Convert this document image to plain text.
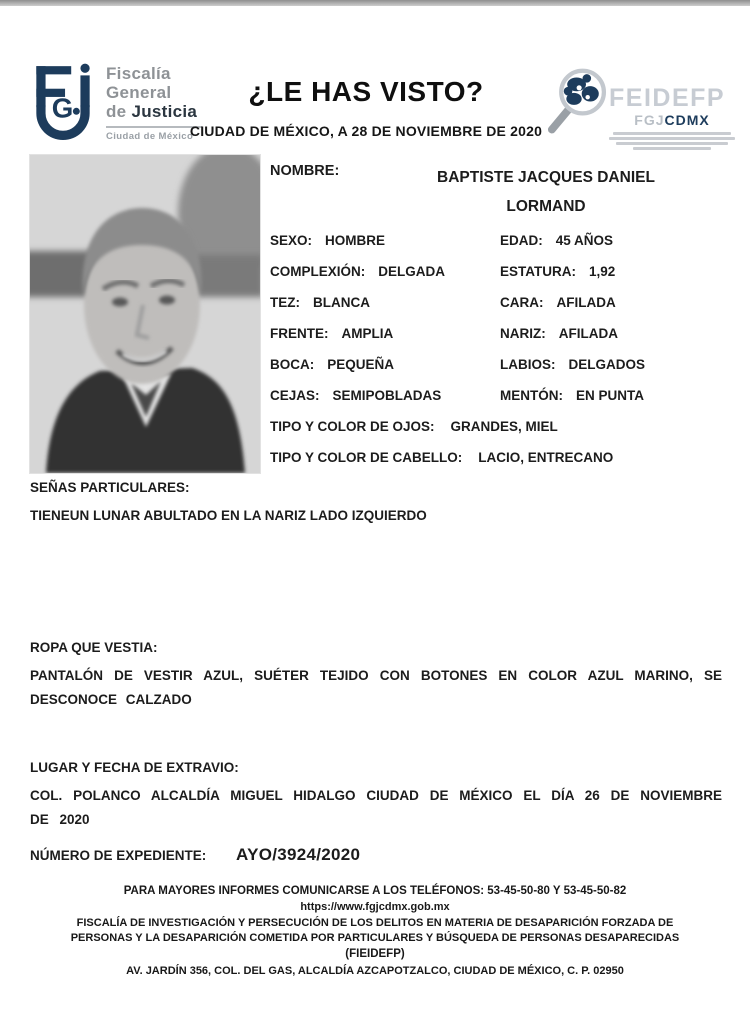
G
Fiscalía
General
de Justicia
Ciudad de México
¿LE HAS VISTO?
CIUDAD DE MÉXICO, A 28 DE NOVIEMBRE DE 2020
FEIDEFP
FGJCDMX
NOMBRE:	BAPTISTE JACQUES DANIEL
LORMAND
SEXO: HOMBRE	EDAD: 45 AÑOS
COMPLEXIÓN: DELGADA	ESTATURA: 1,92
TEZ: BLANCA	CARA: AFILADA
FRENTE: AMPLIA	NARIZ: AFILADA
BOCA: PEQUEÑA	LABIOS: DELGADOS
CEJAS: SEMIPOBLADAS	MENTÓN: EN PUNTA
TIPO Y COLOR DE OJOS: GRANDES, MIEL
TIPO Y COLOR DE CABELLO: LACIO, ENTRECANO
SEÑAS PARTICULARES:
TIENEUN LUNAR ABULTADO EN LA NARIZ LADO IZQUIERDO
ROPA QUE VESTIA:
PANTALÓN DE VESTIR AZUL, SUÉTER TEJIDO CON BOTONES EN COLOR AZUL MARINO, SE DESCONOCE CALZADO
LUGAR Y FECHA DE EXTRAVIO:
COL. POLANCO ALCALDÍA MIGUEL HIDALGO CIUDAD DE MÉXICO EL DÍA 26 DE NOVIEMBRE DE 2020
NÚMERO DE EXPEDIENTE: AYO/3924/2020
PARA MAYORES INFORMES COMUNICARSE A LOS TELÉFONOS: 53-45-50-80 Y 53-45-50-82
https://www.fgjcdmx.gob.mx
FISCALÍA DE INVESTIGACIÓN Y PERSECUCIÓN DE LOS DELITOS EN MATERIA DE DESAPARICIÓN FORZADA DE PERSONAS Y LA DESAPARICIÓN COMETIDA POR PARTICULARES Y BÚSQUEDA DE PERSONAS DESAPARECIDAS
(FIEIDEFP)
AV. JARDÍN 356, COL. DEL GAS, ALCALDÍA AZCAPOTZALCO, CIUDAD DE MÉXICO, C. P. 02950
